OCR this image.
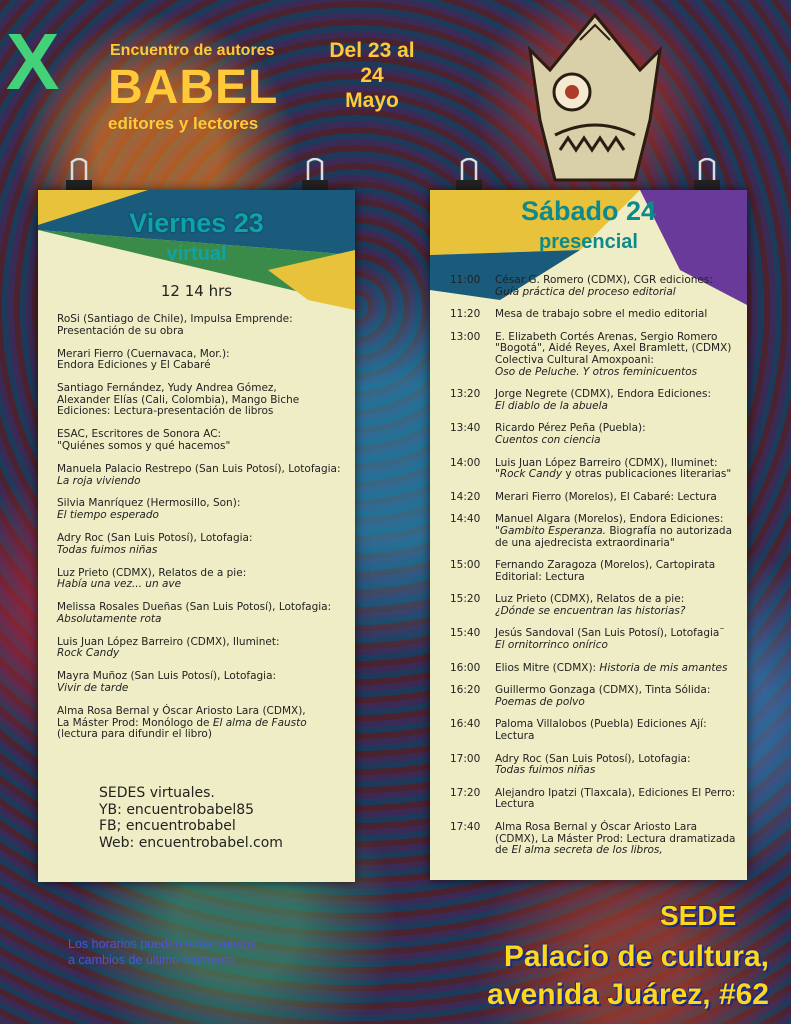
X	Encuentro de autores
BABEL
editores y lectores
Del 23 al
24
Mayo
Viernes 23
virtual
12 14 hrs
RoSi (Santiago de Chile), Impulsa Emprende:
Presentación de su obra
Merari Fierro (Cuernavaca, Mor.):
Endora Ediciones y El Cabaré
Santiago Fernández, Yudy Andrea Gómez,
Alexander Elías (Cali, Colombia), Mango Biche Ediciones: Lectura-presentación de libros
ESAC, Escritores de Sonora AC:
"Quiénes somos y qué hacemos"
Manuela Palacio Restrepo (San Luis Potosí), Lotofagia:
La roja viviendo
Silvia Manríquez (Hermosillo, Son):
El tiempo esperado
Adry Roc (San Luis Potosí), Lotofagia:
Todas fuimos niñas
Luz Prieto (CDMX), Relatos de a pie:
Había una vez... un ave
Melissa Rosales Dueñas (San Luis Potosí), Lotofagia:
Absolutamente rota
Luis Juan López Barreiro (CDMX), Iluminet:
Rock Candy
Mayra Muñoz (San Luis Potosí), Lotofagia:
Vivir de tarde
Alma Rosa Bernal y Óscar Ariosto Lara (CDMX),
La Máster Prod: Monólogo de El alma de Fausto
(lectura para difundir el libro)
SEDES virtuales.
YB: encuentrobabel85
FB; encuentrobabel
Web: encuentrobabel.com
Sábado 24
presencial
11:00	César G. Romero (CDMX), CGR ediciones:
Guía práctica del proceso editorial
11:20	Mesa de trabajo sobre el medio editorial
13:00	E. Elizabeth Cortés Arenas, Sergio Romero "Bogotá", Aidé Reyes, Axel Bramlett, (CDMX) Colectiva Cultural Amoxpoani:
Oso de Peluche. Y otros feminicuentos
13:20	Jorge Negrete (CDMX), Endora Ediciones:
El diablo de la abuela
13:40	Ricardo Pérez Peña (Puebla):
Cuentos con ciencia
14:00	Luis Juan López Barreiro (CDMX), Iluminet:
"Rock Candy y otras publicaciones literarias"
14:20	Merari Fierro (Morelos), El Cabaré: Lectura
14:40	Manuel Algara (Morelos), Endora Ediciones:
"Gambito Esperanza. Biografía no autorizada de una ajedrecista extraordinaria"
15:00	Fernando Zaragoza (Morelos), Cartopirata Editorial: Lectura
15:20	Luz Prieto (CDMX), Relatos de a pie:
¿Dónde se encuentran las historias?
15:40	Jesús Sandoval (San Luis Potosí), Lotofagia¨
El ornitorrinco onírico
16:00	Elios Mitre (CDMX): Historia de mis amantes
16:20	Guillermo Gonzaga (CDMX), Tinta Sólida:
Poemas de polvo
16:40	Paloma Villalobos (Puebla) Ediciones Ají: Lectura
17:00	Adry Roc (San Luis Potosí), Lotofagia:
Todas fuimos niñas
17:20	Alejandro Ipatzi (Tlaxcala), Ediciones El Perro: Lectura
17:40	Alma Rosa Bernal y Óscar Ariosto Lara (CDMX), La Máster Prod: Lectura dramatizada de El alma secreta de los libros,
Los horarios pueden estar sujetos
a cambios de último momento
SEDE
Palacio de cultura,
avenida Juárez, #62
